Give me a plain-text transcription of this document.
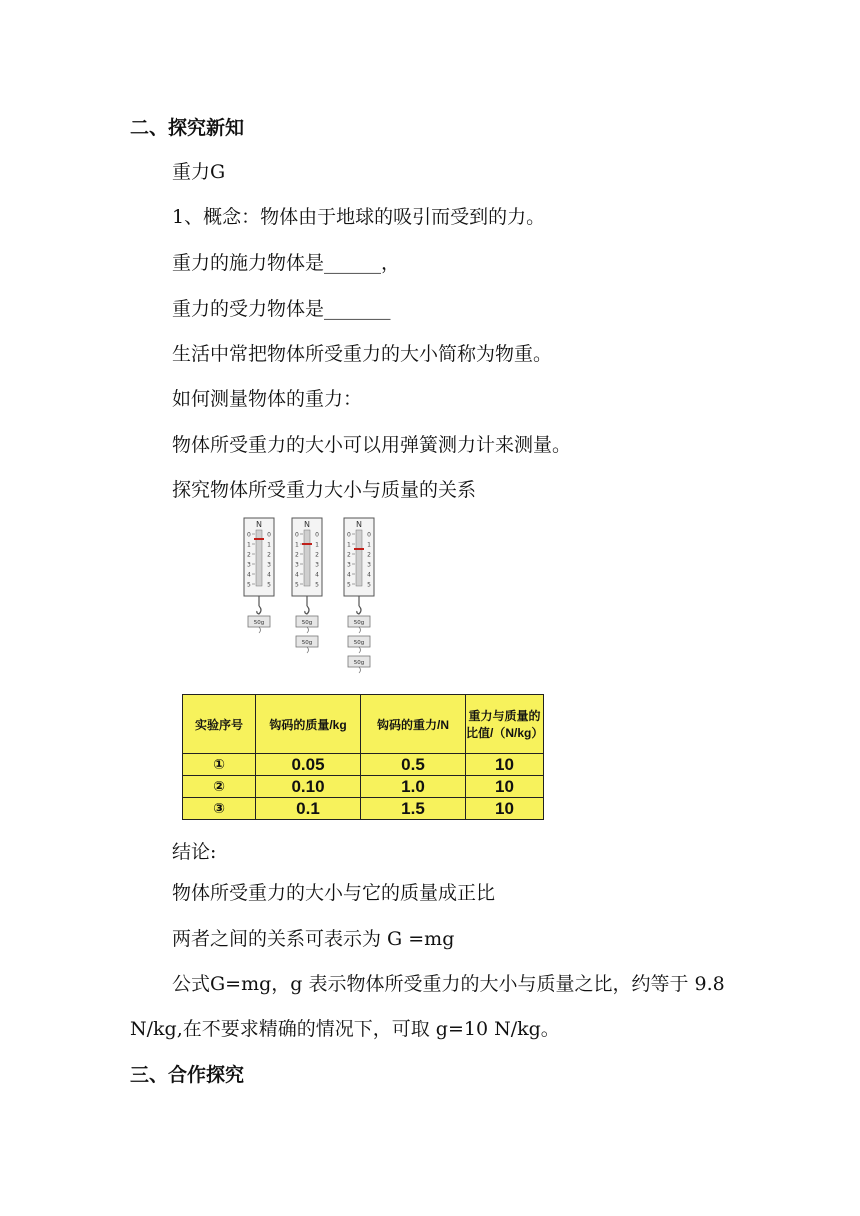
二、探究新知
重力G
1、概念：物体由于地球的吸引而受到的力。
重力的施力物体是______，
重力的受力物体是_______
生活中常把物体所受重力的大小简称为物重。
如何测量物体的重力：
物体所受重力的大小可以用弹簧测力计来测量。
探究物体所受重力大小与质量的关系
N
0	0
1	1
2	2
3	3
4	4
5	5
50g
N
0	0
1	1
2	2
3	3
4	4
5	5
50g
50g
N
0	0
1	1
2	2
3	3
4	4
5	5
50g
50g
50g
实验序号	钩码的质量/kg	钩码的重力/N	重力与质量的比值/（N/kg）
①	0.05	0.5	10
②	0.10	1.0	10
③	0.1	1.5	10
结论:
物体所受重力的大小与它的质量成正比
两者之间的关系可表示为 G =mg
公式G=mg，g 表示物体所受重力的大小与质量之比，约等于 9.8
N/kg,在不要求精确的情况下，可取 g=10 N/kg。
三、合作探究
